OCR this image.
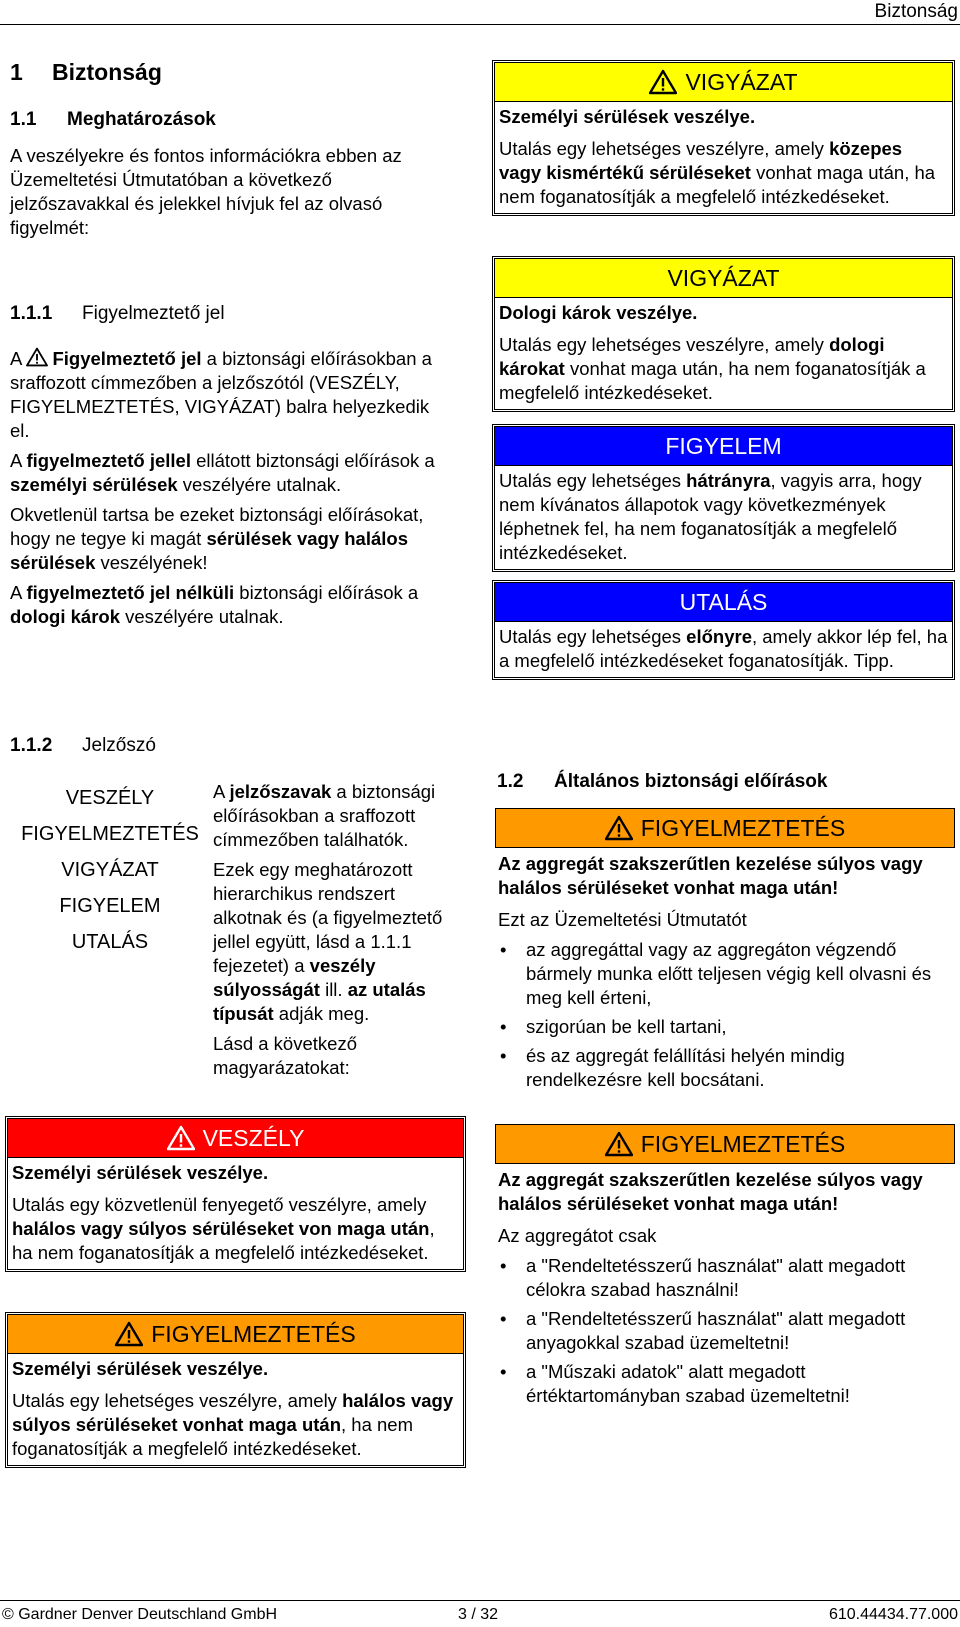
Biztonság
1 Biztonság
1.1 Meghatározások

A veszélyekre és fontos információkra ebben az Üzemeltetési Útmutatóban a következő jelzőszavakkal és jelekkel hívjuk fel az olvasó figyelmét:

1.1.1 Figyelmeztető jel

A Figyelmeztető jel a biztonsági előírásokban a sraffozott címmezőben a jelzőszótól (VESZÉLY, FIGYELMEZTETÉS, VIGYÁZAT) balra helyezkedik el.

A figyelmeztető jellel ellátott biztonsági előírások a személyi sérülések veszélyére utalnak.

Okvetlenül tartsa be ezeket biztonsági előírásokat, hogy ne tegye ki magát sérülések vagy halálos sérülések veszélyének!

A figyelmeztető jel nélküli biztonsági előírások a dologi károk veszélyére utalnak.

1.1.2 Jelzőszó
VESZÉLY
FIGYELMEZTETÉS
VIGYÁZAT
FIGYELEM
UTALÁS

A jelzőszavak a biztonsági előírásokban a sraffozott címmezőben találhatók.

Ezek egy meghatározott hierarchikus rendszert alkotnak és (a figyelmeztető jellel együtt, lásd a 1.1.1 fejezetet) a veszély súlyosságát ill. az utalás típusát adják meg.

Lásd a következő magyarázatokat:

VESZÉLY

Személyi sérülések veszélye.

Utalás egy közvetlenül fenyegető veszélyre, amely halálos vagy súlyos sérüléseket von maga után, ha nem foganatosítják a megfelelő intézkedéseket.

FIGYELMEZTETÉS

Személyi sérülések veszélye.

Utalás egy lehetséges veszélyre, amely halálos vagy súlyos sérüléseket vonhat maga után, ha nem foganatosítják a megfelelő intézkedéseket.

VIGYÁZAT

Személyi sérülések veszélye.

Utalás egy lehetséges veszélyre, amely közepes vagy kismértékű sérüléseket vonhat maga után, ha nem foganatosítják a megfelelő intézkedéseket.

VIGYÁZAT

Dologi károk veszélye.

Utalás egy lehetséges veszélyre, amely dologi károkat vonhat maga után, ha nem foganatosítják a megfelelő intézkedéseket.

FIGYELEM

Utalás egy lehetséges hátrányra, vagyis arra, hogy nem kívánatos állapotok vagy következmények léphetnek fel, ha nem foganatosítják a megfelelő intézkedéseket.

UTALÁS

Utalás egy lehetséges előnyre, amely akkor lép fel, ha a megfelelő intézkedéseket foganatosítják. Tipp.

1.2 Általános biztonsági előírások
FIGYELMEZTETÉS

Az aggregát szakszerűtlen kezelése súlyos vagy halálos sérüléseket vonhat maga után!

Ezt az Üzemeltetési Útmutatót

• az aggregáttal vagy az aggregáton végzendő bármely munka előtt teljesen végig kell olvasni és meg kell érteni,
• szigorúan be kell tartani,
• és az aggregát felállítási helyén mindig rendelkezésre kell bocsátani.
FIGYELMEZTETÉS

Az aggregát szakszerűtlen kezelése súlyos vagy halálos sérüléseket vonhat maga után!

Az aggregátot csak

• a "Rendeltetésszerű használat" alatt megadott célokra szabad használni!
• a "Rendeltetésszerű használat" alatt megadott anyagokkal szabad üzemeltetni!
• a "Műszaki adatok" alatt megadott értéktartományban szabad üzemeltetni!
© Gardner Denver Deutschland GmbH	3 / 32	610.44434.77.000
